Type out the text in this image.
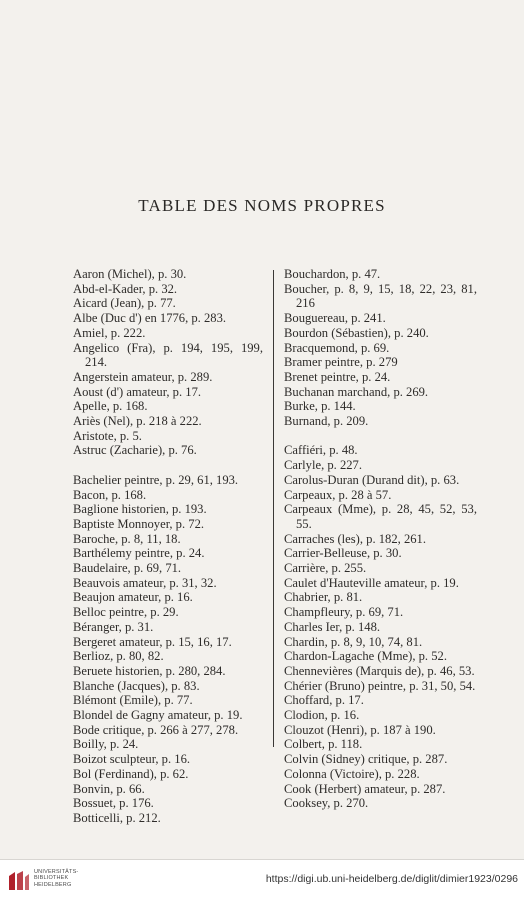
TABLE DES NOMS PROPRES
Aaron (Michel), p. 30.
Abd-el-Kader, p. 32.
Aicard (Jean), p. 77.
Albe (Duc d') en 1776, p. 283.
Amiel, p. 222.
Angelico (Fra), p. 194, 195, 199, 214.
Angerstein amateur, p. 289.
Aoust (d') amateur, p. 17.
Apelle, p. 168.
Ariès (Nel), p. 218 à 222.
Aristote, p. 5.
Astruc (Zacharie), p. 76.
Bachelier peintre, p. 29, 61, 193.
Bacon, p. 168.
Baglione historien, p. 193.
Baptiste Monnoyer, p. 72.
Baroche, p. 8, 11, 18.
Barthélemy peintre, p. 24.
Baudelaire, p. 69, 71.
Beauvois amateur, p. 31, 32.
Beaujon amateur, p. 16.
Belloc peintre, p. 29.
Béranger, p. 31.
Bergeret amateur, p. 15, 16, 17.
Berlioz, p. 80, 82.
Beruete historien, p. 280, 284.
Blanche (Jacques), p. 83.
Blémont (Emile), p. 77.
Blondel de Gagny amateur, p. 19.
Bode critique, p. 266 à 277, 278.
Boilly, p. 24.
Boizot sculpteur, p. 16.
Bol (Ferdinand), p. 62.
Bonvin, p. 66.
Bossuet, p. 176.
Botticelli, p. 212.
Bouchardon, p. 47.
Boucher, p. 8, 9, 15, 18, 22, 23, 81, 216
Bouguereau, p. 241.
Bourdon (Sébastien), p. 240.
Bracquemond, p. 69.
Bramer peintre, p. 279
Brenet peintre, p. 24.
Buchanan marchand, p. 269.
Burke, p. 144.
Burnand, p. 209.
Caffiéri, p. 48.
Carlyle, p. 227.
Carolus-Duran (Durand dit), p. 63.
Carpeaux, p. 28 à 57.
Carpeaux (Mme), p. 28, 45, 52, 53, 55.
Carraches (les), p. 182, 261.
Carrier-Belleuse, p. 30.
Carrière, p. 255.
Caulet d'Hauteville amateur, p. 19.
Chabrier, p. 81.
Champfleury, p. 69, 71.
Charles Ier, p. 148.
Chardin, p. 8, 9, 10, 74, 81.
Chardon-Lagache (Mme), p. 52.
Chennevières (Marquis de), p. 46, 53.
Chérier (Bruno) peintre, p. 31, 50, 54.
Choffard, p. 17.
Clodion, p. 16.
Clouzot (Henri), p. 187 à 190.
Colbert, p. 118.
Colvin (Sidney) critique, p. 287.
Colonna (Victoire), p. 228.
Cook (Herbert) amateur, p. 287.
Cooksey, p. 270.
UNIVERSITÄTS-
BIBLIOTHEK
HEIDELBERG	https://digi.ub.uni-heidelberg.de/diglit/dimier1923/0296
